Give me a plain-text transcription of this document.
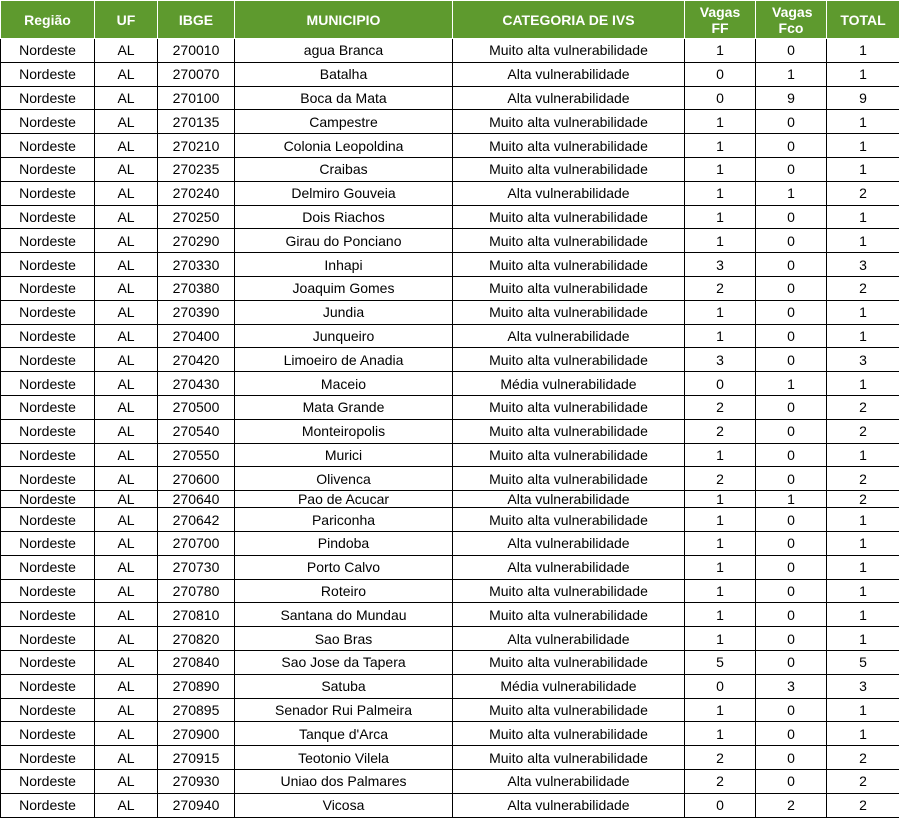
Região	UF	IBGE	MUNICIPIO	CATEGORIA DE IVS	Vagas FF	Vagas Fco	TOTAL
Nordeste	AL	270010	agua Branca	Muito alta vulnerabilidade	1	0	1
Nordeste	AL	270070	Batalha	Alta vulnerabilidade	0	1	1
Nordeste	AL	270100	Boca da Mata	Alta vulnerabilidade	0	9	9
Nordeste	AL	270135	Campestre	Muito alta vulnerabilidade	1	0	1
Nordeste	AL	270210	Colonia Leopoldina	Muito alta vulnerabilidade	1	0	1
Nordeste	AL	270235	Craibas	Muito alta vulnerabilidade	1	0	1
Nordeste	AL	270240	Delmiro Gouveia	Alta vulnerabilidade	1	1	2
Nordeste	AL	270250	Dois Riachos	Muito alta vulnerabilidade	1	0	1
Nordeste	AL	270290	Girau do Ponciano	Muito alta vulnerabilidade	1	0	1
Nordeste	AL	270330	Inhapi	Muito alta vulnerabilidade	3	0	3
Nordeste	AL	270380	Joaquim Gomes	Muito alta vulnerabilidade	2	0	2
Nordeste	AL	270390	Jundia	Muito alta vulnerabilidade	1	0	1
Nordeste	AL	270400	Junqueiro	Alta vulnerabilidade	1	0	1
Nordeste	AL	270420	Limoeiro de Anadia	Muito alta vulnerabilidade	3	0	3
Nordeste	AL	270430	Maceio	Média vulnerabilidade	0	1	1
Nordeste	AL	270500	Mata Grande	Muito alta vulnerabilidade	2	0	2
Nordeste	AL	270540	Monteiropolis	Muito alta vulnerabilidade	2	0	2
Nordeste	AL	270550	Murici	Muito alta vulnerabilidade	1	0	1
Nordeste	AL	270600	Olivenca	Muito alta vulnerabilidade	2	0	2
Nordeste	AL	270640	Pao de Acucar	Alta vulnerabilidade	1	1	2
Nordeste	AL	270642	Pariconha	Muito alta vulnerabilidade	1	0	1
Nordeste	AL	270700	Pindoba	Alta vulnerabilidade	1	0	1
Nordeste	AL	270730	Porto Calvo	Alta vulnerabilidade	1	0	1
Nordeste	AL	270780	Roteiro	Muito alta vulnerabilidade	1	0	1
Nordeste	AL	270810	Santana do Mundau	Muito alta vulnerabilidade	1	0	1
Nordeste	AL	270820	Sao Bras	Alta vulnerabilidade	1	0	1
Nordeste	AL	270840	Sao Jose da Tapera	Muito alta vulnerabilidade	5	0	5
Nordeste	AL	270890	Satuba	Média vulnerabilidade	0	3	3
Nordeste	AL	270895	Senador Rui Palmeira	Muito alta vulnerabilidade	1	0	1
Nordeste	AL	270900	Tanque d'Arca	Muito alta vulnerabilidade	1	0	1
Nordeste	AL	270915	Teotonio Vilela	Muito alta vulnerabilidade	2	0	2
Nordeste	AL	270930	Uniao dos Palmares	Alta vulnerabilidade	2	0	2
Nordeste	AL	270940	Vicosa	Alta vulnerabilidade	0	2	2
